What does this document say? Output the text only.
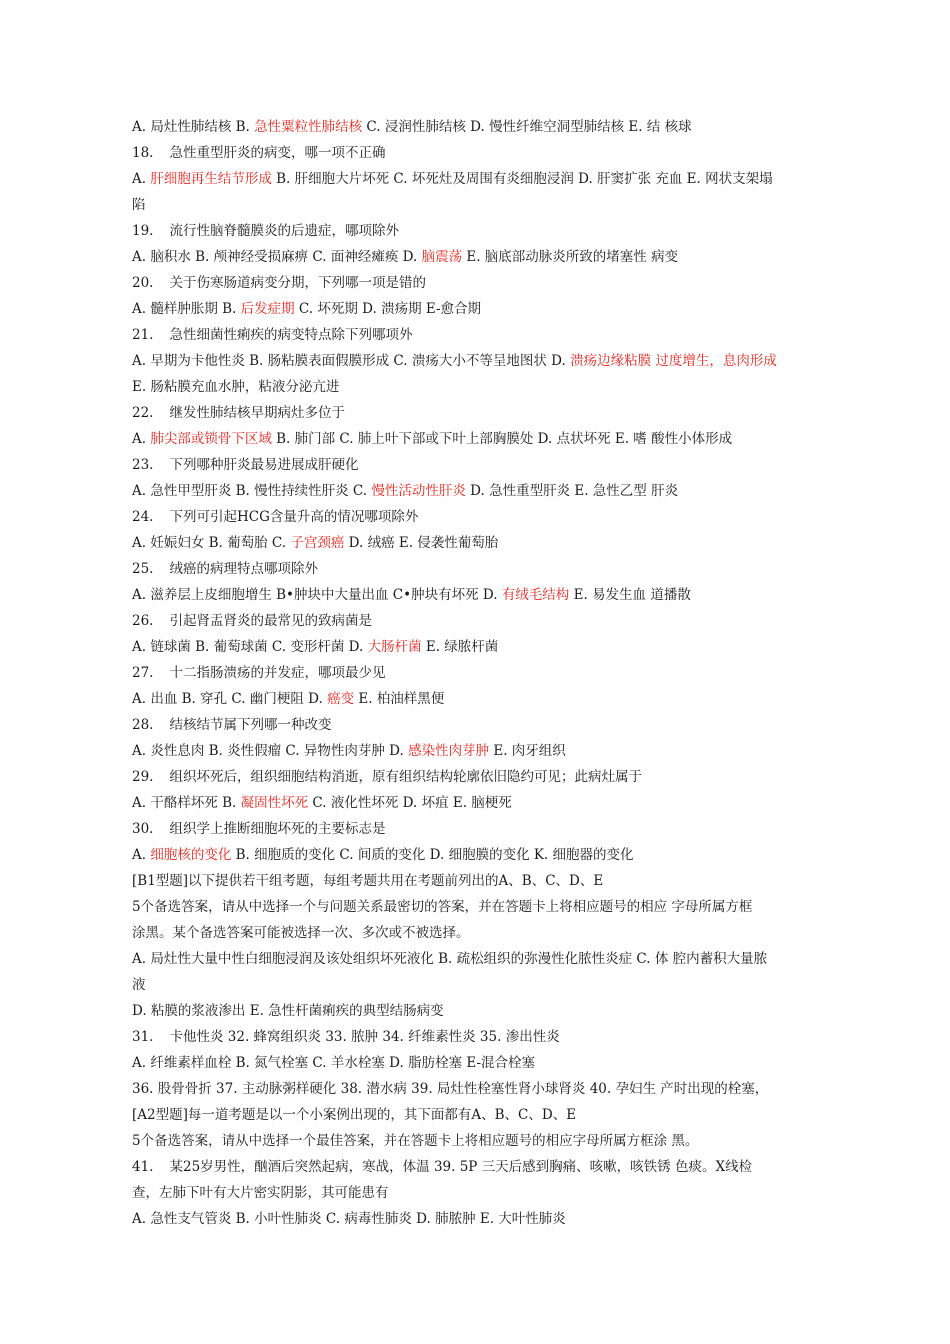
A. 局灶性肺结核 B. 急性粟粒性肺结核 C. 浸润性肺结核 D. 慢性纤维空洞型肺结核 E. 结 核球
18. 急性重型肝炎的病变，哪一项不正确
A. 肝细胞再生结节形成 B. 肝细胞大片坏死 C. 坏死灶及周围有炎细胞浸润 D. 肝窦扩张 充血 E. 网状支架塌
陷
19. 流行性脑脊髓膜炎的后遗症，哪项除外
A. 脑积水 B. 颅神经受损麻痹 C. 面神经瘫痪 D. 脑震荡 E. 脑底部动脉炎所致的堵塞性 病变
20. 关于伤寒肠道病变分期，下列哪一项是错的
A. 髓样肿胀期 B. 后发症期 C. 坏死期 D. 溃疡期 E-愈合期
21. 急性细菌性痢疾的病变特点除下列哪项外
A. 早期为卡他性炎 B. 肠粘膜表面假膜形成 C. 溃疡大小不等呈地图状 D. 溃疡边缘粘膜 过度增生，息肉形成
E. 肠粘膜充血水肿，粘液分泌亢进
22. 继发性肺结核早期病灶多位于
A. 肺尖部或锁骨下区域 B. 肺门部 C. 肺上叶下部或下叶上部胸膜处 D. 点状坏死 E. 嗜 酸性小体形成
23. 下列哪种肝炎最易进展成肝硬化
A. 急性甲型肝炎 B. 慢性持续性肝炎 C. 慢性活动性肝炎 D. 急性重型肝炎 E. 急性乙型 肝炎
24. 下列可引起HCG含量升高的情况哪项除外
A. 妊娠妇女 B. 葡萄胎 C. 子宫颈癌 D. 绒癌 E. 侵袭性葡萄胎
25. 绒癌的病理特点哪项除外
A. 滋养层上皮细胞增生 B•肿块中大量出血 C•肿块有坏死 D. 有绒毛结构 E. 易发生血 道播散
26. 引起肾盂肾炎的最常见的致病菌是
A. 链球菌 B. 葡萄球菌 C. 变形杆菌 D. 大肠杆菌 E. 绿脓杆菌
27. 十二指肠溃疡的并发症，哪项最少见
A. 出血 B. 穿孔 C. 幽门梗阻 D. 癌变 E. 柏油样黑便
28. 结核结节属下列哪一种改变
A. 炎性息肉 B. 炎性假瘤 C. 异物性肉芽肿 D. 感染性肉芽肿 E. 肉牙组织
29. 组织坏死后，组织细胞结构消逝，原有组织结构轮廓依旧隐约可见；此病灶属于
A. 干酪样坏死 B. 凝固性坏死 C. 液化性坏死 D. 坏疽 E. 脑梗死
30. 组织学上推断细胞坏死的主要标志是
A. 细胞核的变化 B. 细胞质的变化 C. 间质的变化 D. 细胞膜的变化 K. 细胞器的变化
[B1型题]以下提供若干组考题，每组考题共用在考题前列出的A、B、C、D、E
5个备选答案，请从中选择一个与问题关系最密切的答案，并在答题卡上将相应题号的相应 字母所属方框
涂黑。某个备选答案可能被选择一次、多次或不被选择。
A. 局灶性大量中性白细胞浸润及该处组织坏死液化 B. 疏松组织的弥漫性化脓性炎症 C. 体 腔内蓄积大量脓
液
D. 粘膜的浆液渗出 E. 急性杆菌痢疾的典型结肠病变
31. 卡他性炎 32. 蜂窝组织炎 33. 脓肿 34. 纤维素性炎 35. 渗出性炎
A. 纤维素样血栓 B. 氮气栓塞 C. 羊水栓塞 D. 脂肪栓塞 E-混合栓塞
36. 股骨骨折 37. 主动脉粥样硬化 38. 潜水病 39. 局灶性栓塞性肾小球肾炎 40. 孕妇生 产时出现的栓塞，
[A2型题]每一道考题是以一个小案例出现的，其下面都有A、B、C、D、E
5个备选答案，请从中选择一个最佳答案，并在答题卡上将相应题号的相应字母所属方框涂 黑。
41. 某25岁男性，酗酒后突然起病，寒战，体温 39. 5P 三天后感到胸痛、咳嗽，咳铁锈 色痰。X线检
查，左肺下叶有大片密实阴影，其可能患有
A. 急性支气管炎 B. 小叶性肺炎 C. 病毒性肺炎 D. 肺脓肿 E. 大叶性肺炎
